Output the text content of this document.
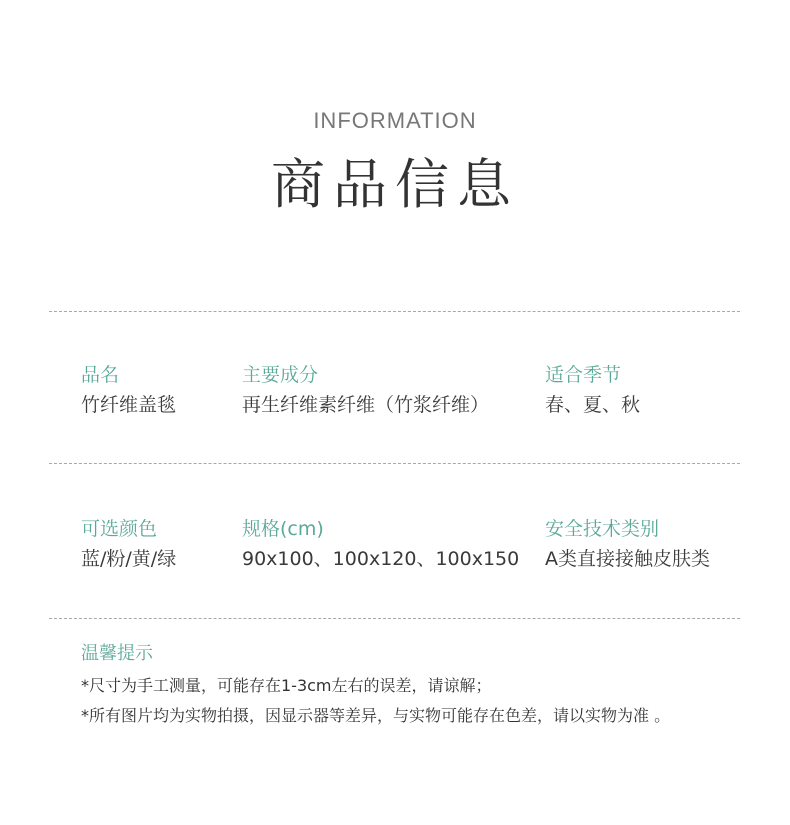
INFORMATION
商品信息
品名
竹纤维盖毯
主要成分
再生纤维素纤维（竹浆纤维）
适合季节
春、夏、秋
可选颜色
蓝/粉/黄/绿
规格(cm)
90x100、100x120、100x150
安全技术类别
A类直接接触皮肤类
温馨提示
*尺寸为手工测量，可能存在1-3cm左右的误差，请谅解；
*所有图片均为实物拍摄，因显示器等差异，与实物可能存在色差，请以实物为准 。
